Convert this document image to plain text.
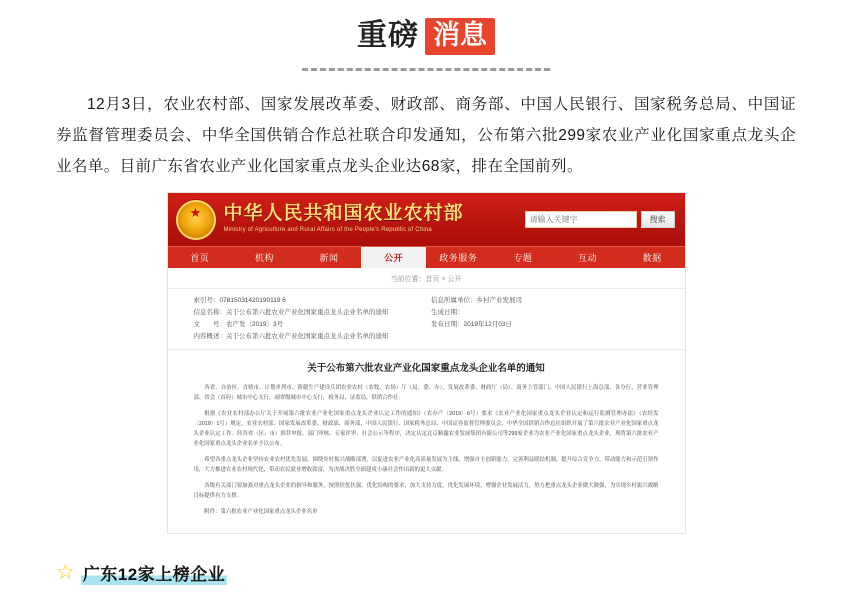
重磅 消息
12月3日，农业农村部、国家发展改革委、财政部、商务部、中国人民银行、国家税务总局、中国证券监督管理委员会、中华全国供销合作总社联合印发通知，公布第六批299家农业产业化国家重点龙头企业名单。目前广东省农业产业化国家重点龙头企业达68家，排在全国前列。
★
中华人民共和国农业农村部
Ministry of Agriculture and Rural Affairs of the People's Republic of China
请输入关键字
搜索
首页	机构	新闻	公开	政务服务	专题	互动	数据
当前位置：首页 > 公开
索引号：07815031420190119 6
信息名称：关于公布第六批农业产业化国家重点龙头企业名单的通知
文　　号：农产发〔2019〕3号
内容概述：关于公布第六批农业产业化国家重点龙头企业名单的通知
信息所属单位：乡村产业发展司
生成日期：
发布日期：2019年12月03日
关于公布第六批农业产业化国家重点龙头企业名单的通知

各省、自治区、直辖市、计划单列市、新疆生产建设兵团农业农村（农牧、农场）厅（局、委、办），发展改革委、财政厅（局）、商务主管部门、中国人民银行上海总部、各分行、营业管理部、省会（首府）城市中心支行、副省级城市中心支行，税务局，证监局，供销合作社：

根据《农业农村部办公厅关于开展第六批农业产业化国家重点龙头企业认定工作的通知》（农办产〔2019〕6号）要求《农业产业化国家重点龙头企业认定和运行监测管理办法》（农经发〔2018〕1号）规定，农业农村部、国家发展改革委、财政部、商务部、中国人民银行、国家税务总局、中国证券监督管理委员会、中华全国供销合作总社组织开展了第六批农业产业化国家重点龙头企业认定工作。经各省（区、市）推荐申报、部门审核、专家评审、社会公示等程序，决定认定北京顺鑫农业发展集团有限公司等299家企业为农业产业化国家重点龙头企业，现将第六批农业产业化国家重点龙头企业名单予以公布。

希望各重点龙头企业坚持农业农村优先发展，围绕乡村振兴战略部署，以促进农业产业化高质量发展为主线，增强自主创新能力、完善利益联结机制、提升综合竞争力、带动能力和示范引领作用，大力推进农业农村现代化，带动农民就业增收致富，为决战决胜全面建成小康社会作出新的更大贡献。

各级有关部门要加强对重点龙头企业的指导和服务，按照扶优扶强、优化结构的要求，加大支持力度，优化发展环境，增强企业发展活力，努力把重点龙头企业做大做强，为实现乡村振兴战略目标提供有力支撑。

附件：第六批农业产业化国家重点龙头企业名单

☆ 广东12家上榜企业
